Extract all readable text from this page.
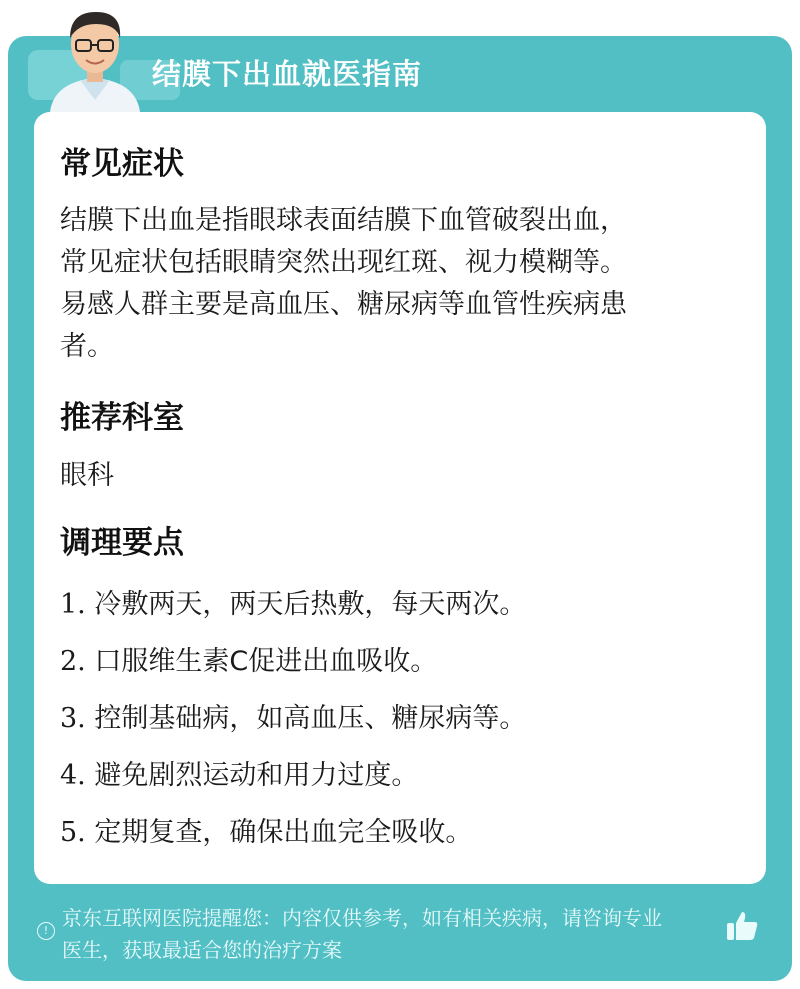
结膜下出血就医指南
常见症状
结膜下出血是指眼球表面结膜下血管破裂出血，
常见症状包括眼睛突然出现红斑、视力模糊等。
易感人群主要是高血压、糖尿病等血管性疾病患
者。
推荐科室
眼科
调理要点
1. 冷敷两天，两天后热敷，每天两次。
2. 口服维生素C促进出血吸收。
3. 控制基础病，如高血压、糖尿病等。
4. 避免剧烈运动和用力过度。
5. 定期复查，确保出血完全吸收。
!
京东互联网医院提醒您：内容仅供参考，如有相关疾病，请咨询专业
医生，获取最适合您的治疗方案
